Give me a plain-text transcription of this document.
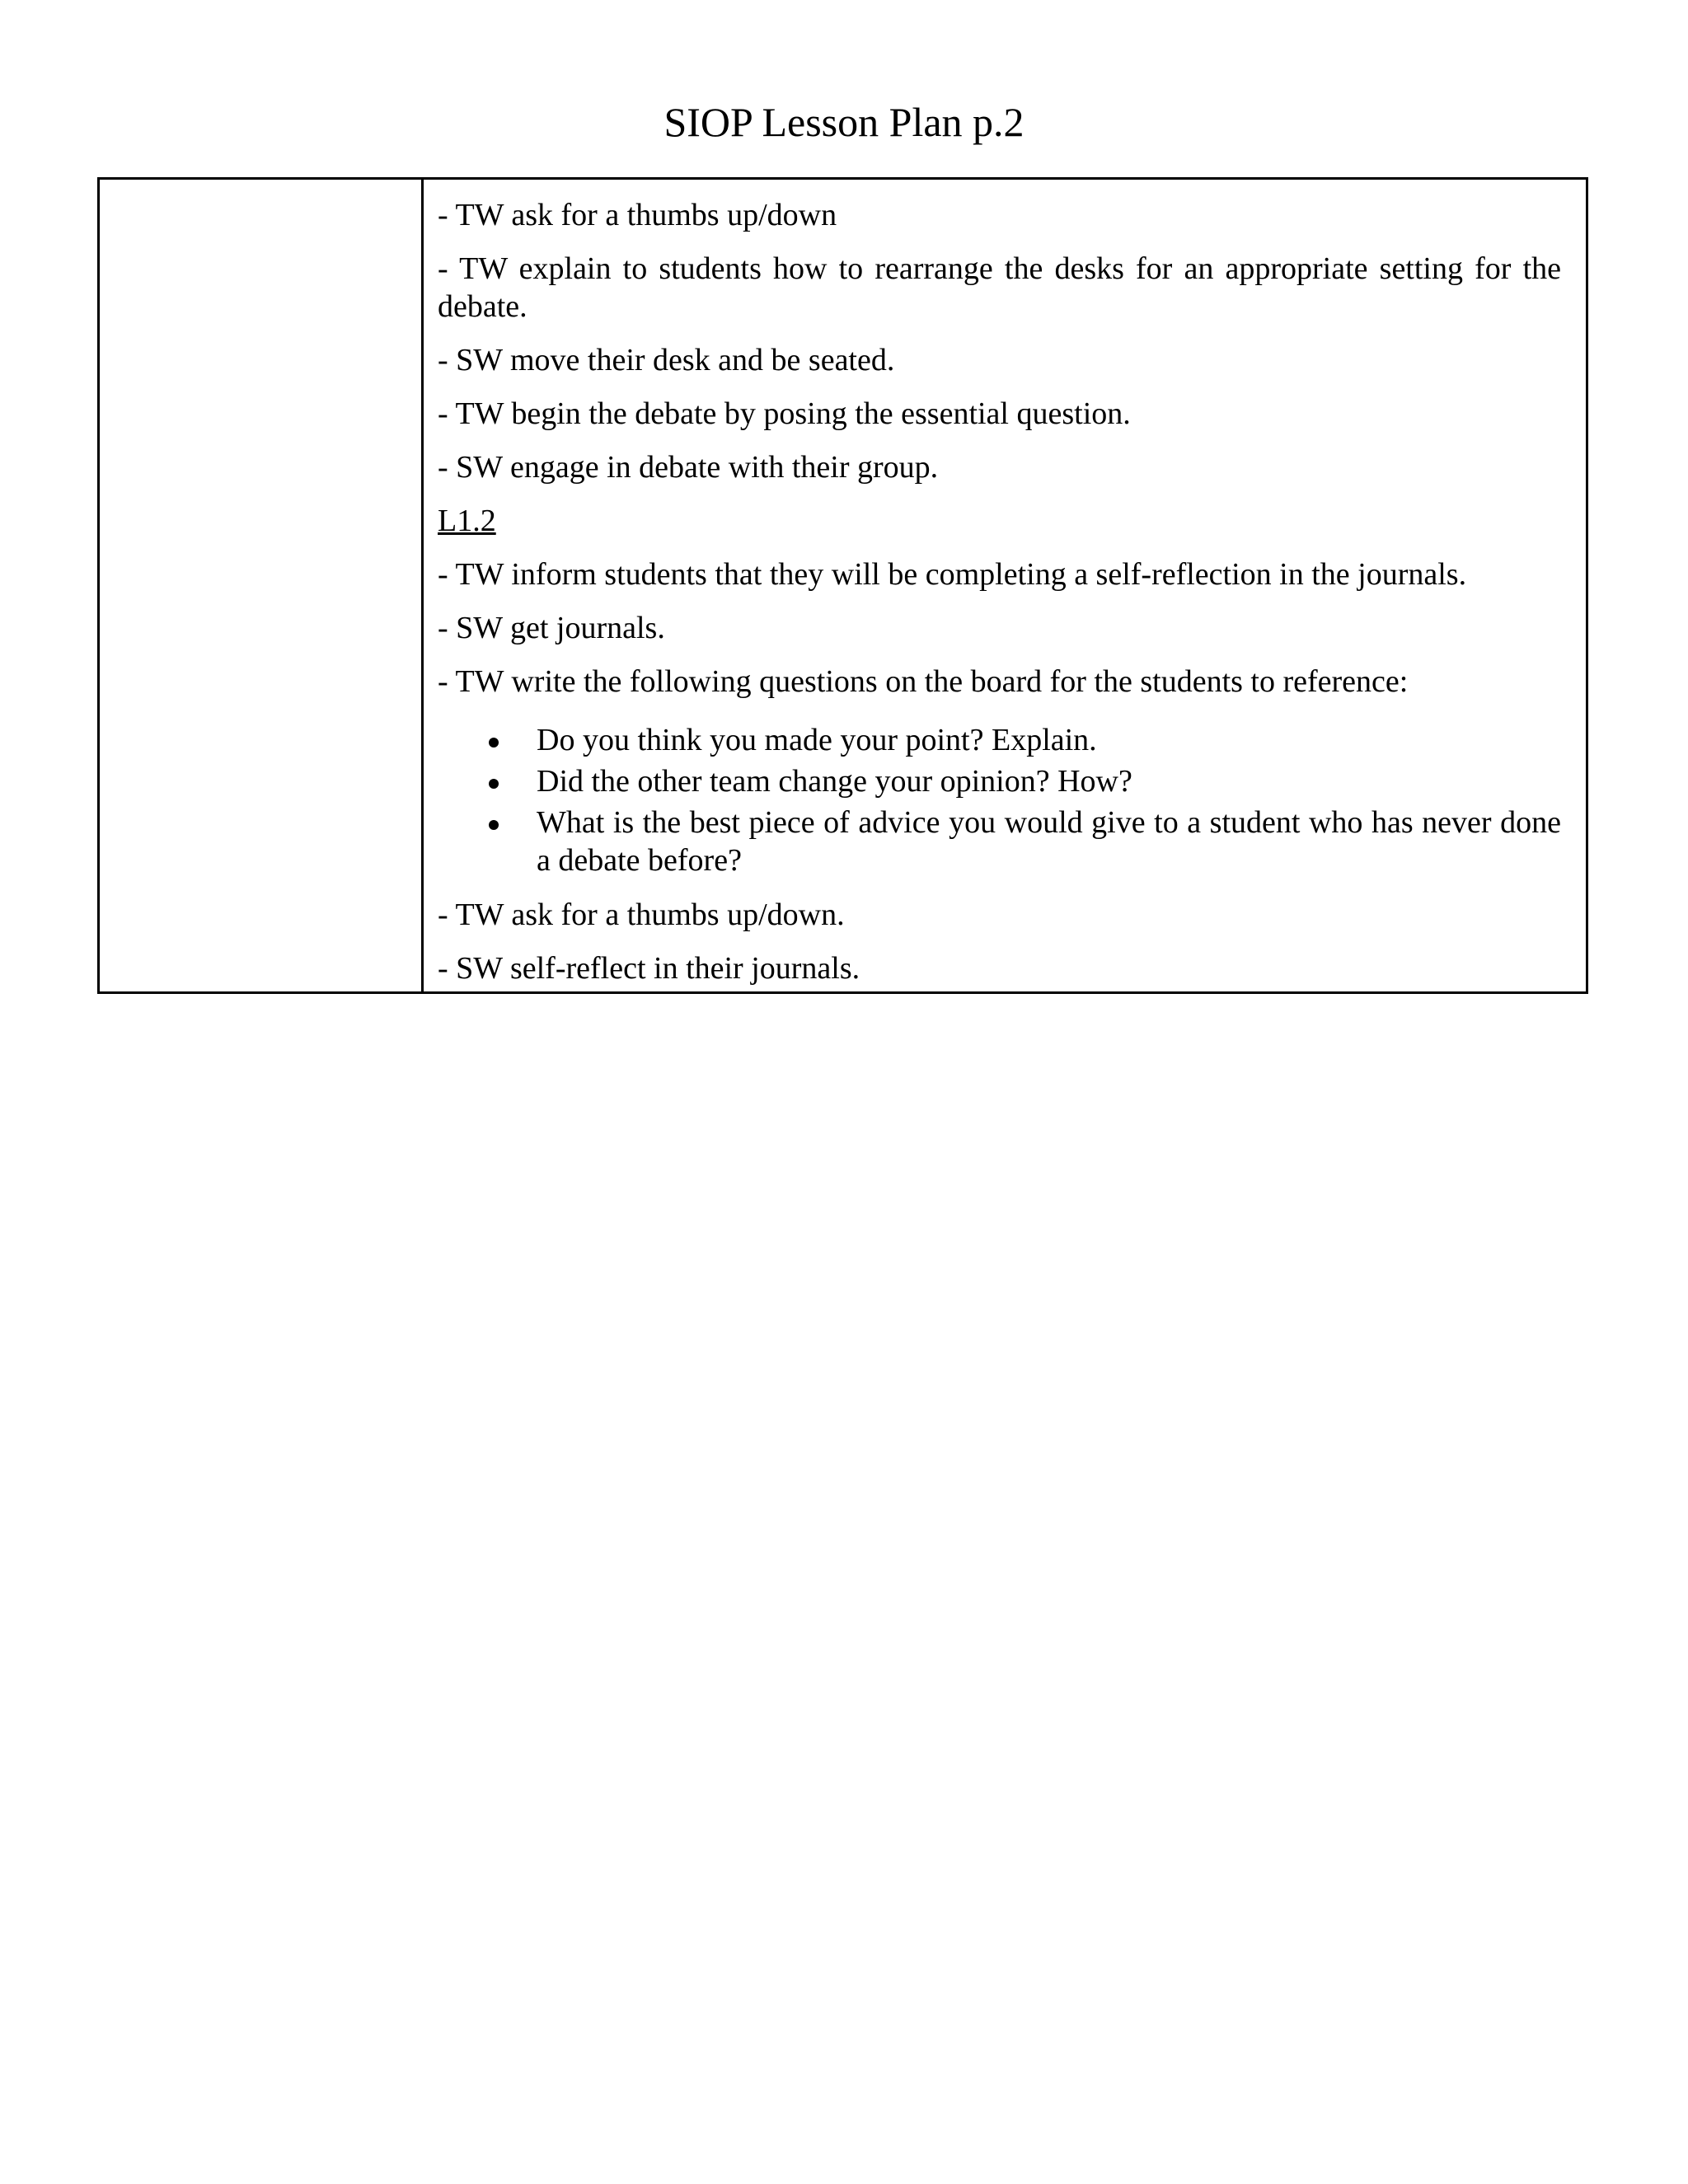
SIOP Lesson Plan p.2

- TW ask for a thumbs up/down

- TW explain to students how to rearrange the desks for an appropriate setting for the debate.

- SW move their desk and be seated.

- TW begin the debate by posing the essential question.

- SW engage in debate with their group.

L1.2

- TW inform students that they will be completing a self-reflection in the journals.

- SW get journals.

- TW write the following questions on the board for the students to reference:

Do you think you made your point? Explain.
Did the other team change your opinion? How?
What is the best piece of advice you would give to a student who has never done a debate before?

- TW ask for a thumbs up/down.

- SW self-reflect in their journals.
